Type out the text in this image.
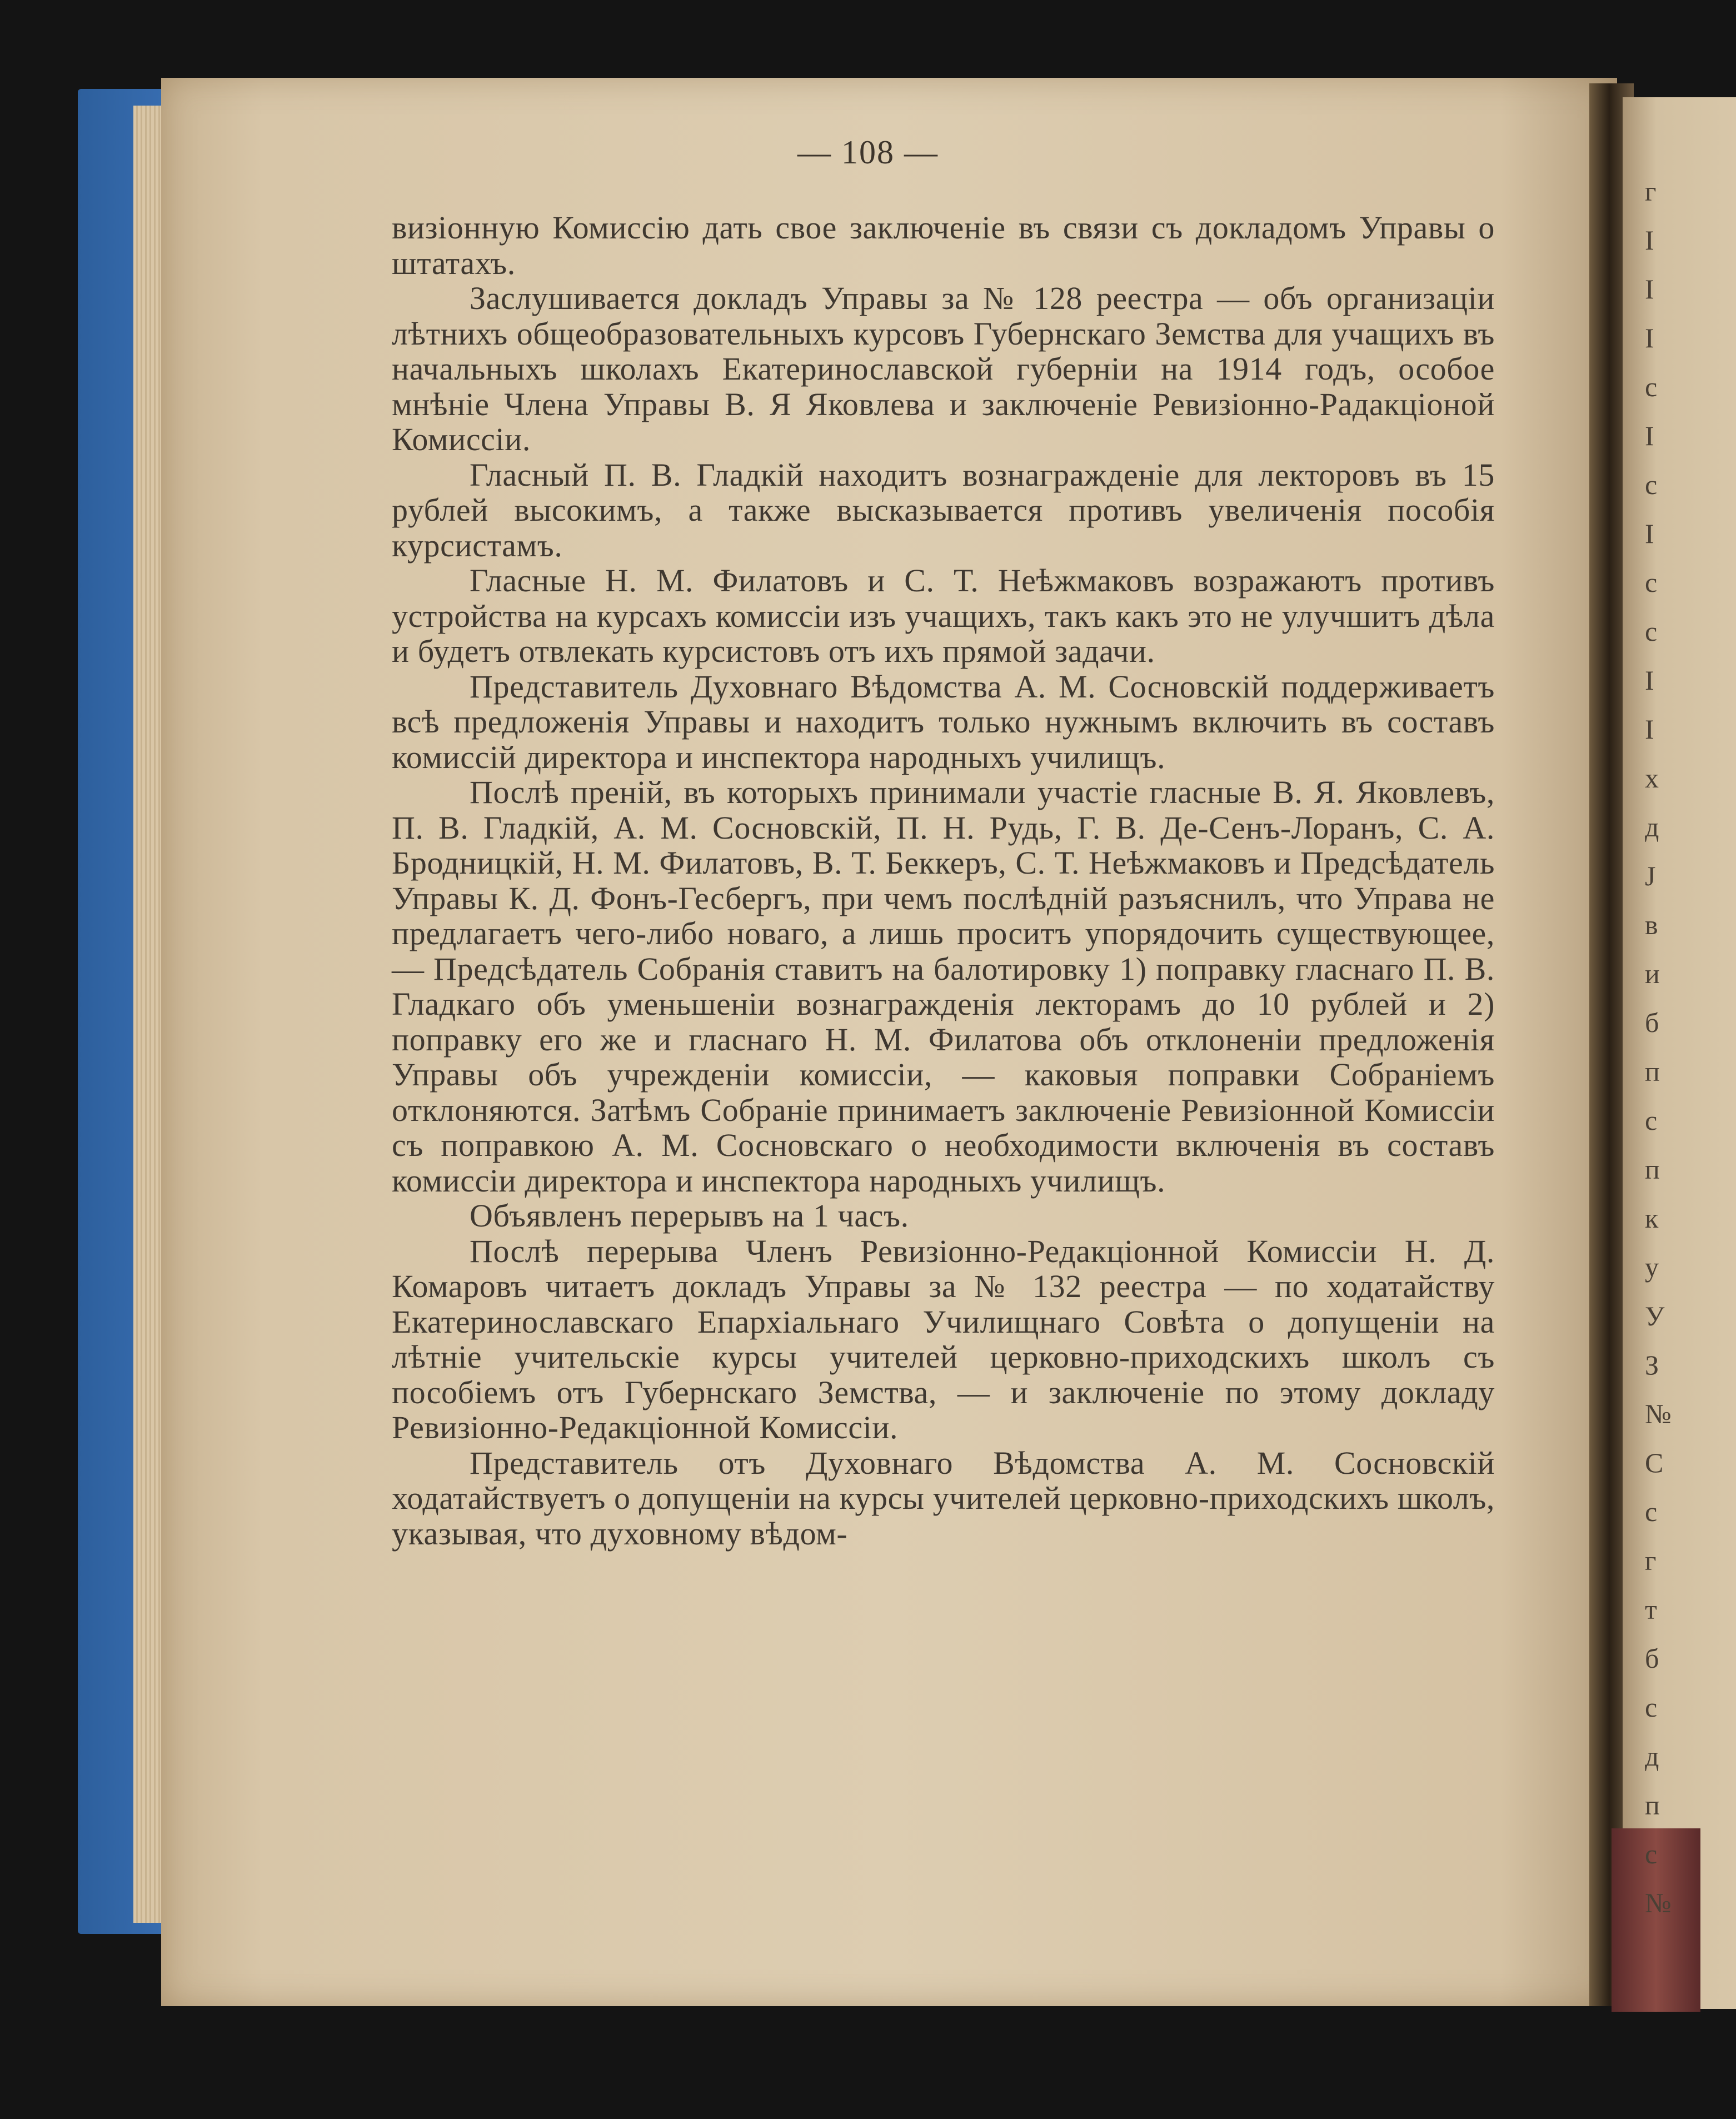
— 108 —

визіонную Комиссію дать свое заключеніе въ связи съ докладомъ Управы о штатахъ.

Заслушивается докладъ Управы за № 128 реестра — объ организаціи лѣтнихъ общеобразовательныхъ курсовъ Губернскаго Земства для учащихъ въ начальныхъ школахъ Екатеринославской губерніи на 1914 годъ, особое мнѣніе Члена Управы В. Я Яковлева и заключеніе Ревизіонно-Радакціоной Комиссіи.

Гласный П. В. Гладкій находитъ вознагражденіе для лекторовъ въ 15 рублей высокимъ, а также высказывается противъ увеличенія пособія курсистамъ.

Гласные Н. М. Филатовъ и С. Т. Неѣжмаковъ возражаютъ противъ устройства на курсахъ комиссіи изъ учащихъ, такъ какъ это не улучшитъ дѣла и будетъ отвлекать курсистовъ отъ ихъ прямой задачи.

Представитель Духовнаго Вѣдомства А. М. Сосновскій поддерживаетъ всѣ предложенія Управы и находитъ только нужнымъ включить въ составъ комиссій директора и инспектора народныхъ училищъ.

Послѣ преній, въ которыхъ принимали участіе гласные В. Я. Яковлевъ, П. В. Гладкій, А. М. Сосновскій, П. Н. Рудь, Г. В. Де-Сенъ-Лоранъ, С. А. Бродницкій, Н. М. Филатовъ, В. Т. Беккеръ, С. Т. Неѣжмаковъ и Предсѣдатель Управы К. Д. Фонъ-Гесбергъ, при чемъ послѣдній разъяснилъ, что Управа не предлагаетъ чего-либо новаго, а лишь проситъ упорядочить существующее, — Предсѣдатель Собранія ставитъ на балотировку 1) поправку гласнаго П. В. Гладкаго объ уменьшеніи вознагражденія лекторамъ до 10 рублей и 2) поправку его же и гласнаго Н. М. Филатова объ отклоненіи предложенія Управы объ учрежденіи комиссіи, — каковыя поправки Собраніемъ отклоняются. Затѣмъ Собраніе принимаетъ заключеніе Ревизіонной Комиссіи съ поправкою А. М. Сосновскаго о необходимости включенія въ составъ комиссіи директора и инспектора народныхъ училищъ.

Объявленъ перерывъ на 1 часъ.

Послѣ перерыва Членъ Ревизіонно-Редакціонной Комиссіи Н. Д. Комаровъ читаетъ докладъ Управы за № 132 реестра — по ходатайству Екатеринославскаго Епархіальнаго Училищнаго Совѣта о допущеніи на лѣтніе учительскіе курсы учителей церковно-приходскихъ школъ съ пособіемъ отъ Губернскаго Земства, — и заключеніе по этому докладу Ревизіонно-Редакціонной Комиссіи.

Представитель отъ Духовнаго Вѣдомства А. М. Сосновскій ходатайствуетъ о допущеніи на курсы учителей церковно-приходскихъ школъ, указывая, что духовному вѣдом-

г
І
І
І
c
І
c
І
c
c
І
І
х
д
J
в
и
б
п
с
п
к
у
У
З
№
С
с
г
т
б
с
д
п
с
№
